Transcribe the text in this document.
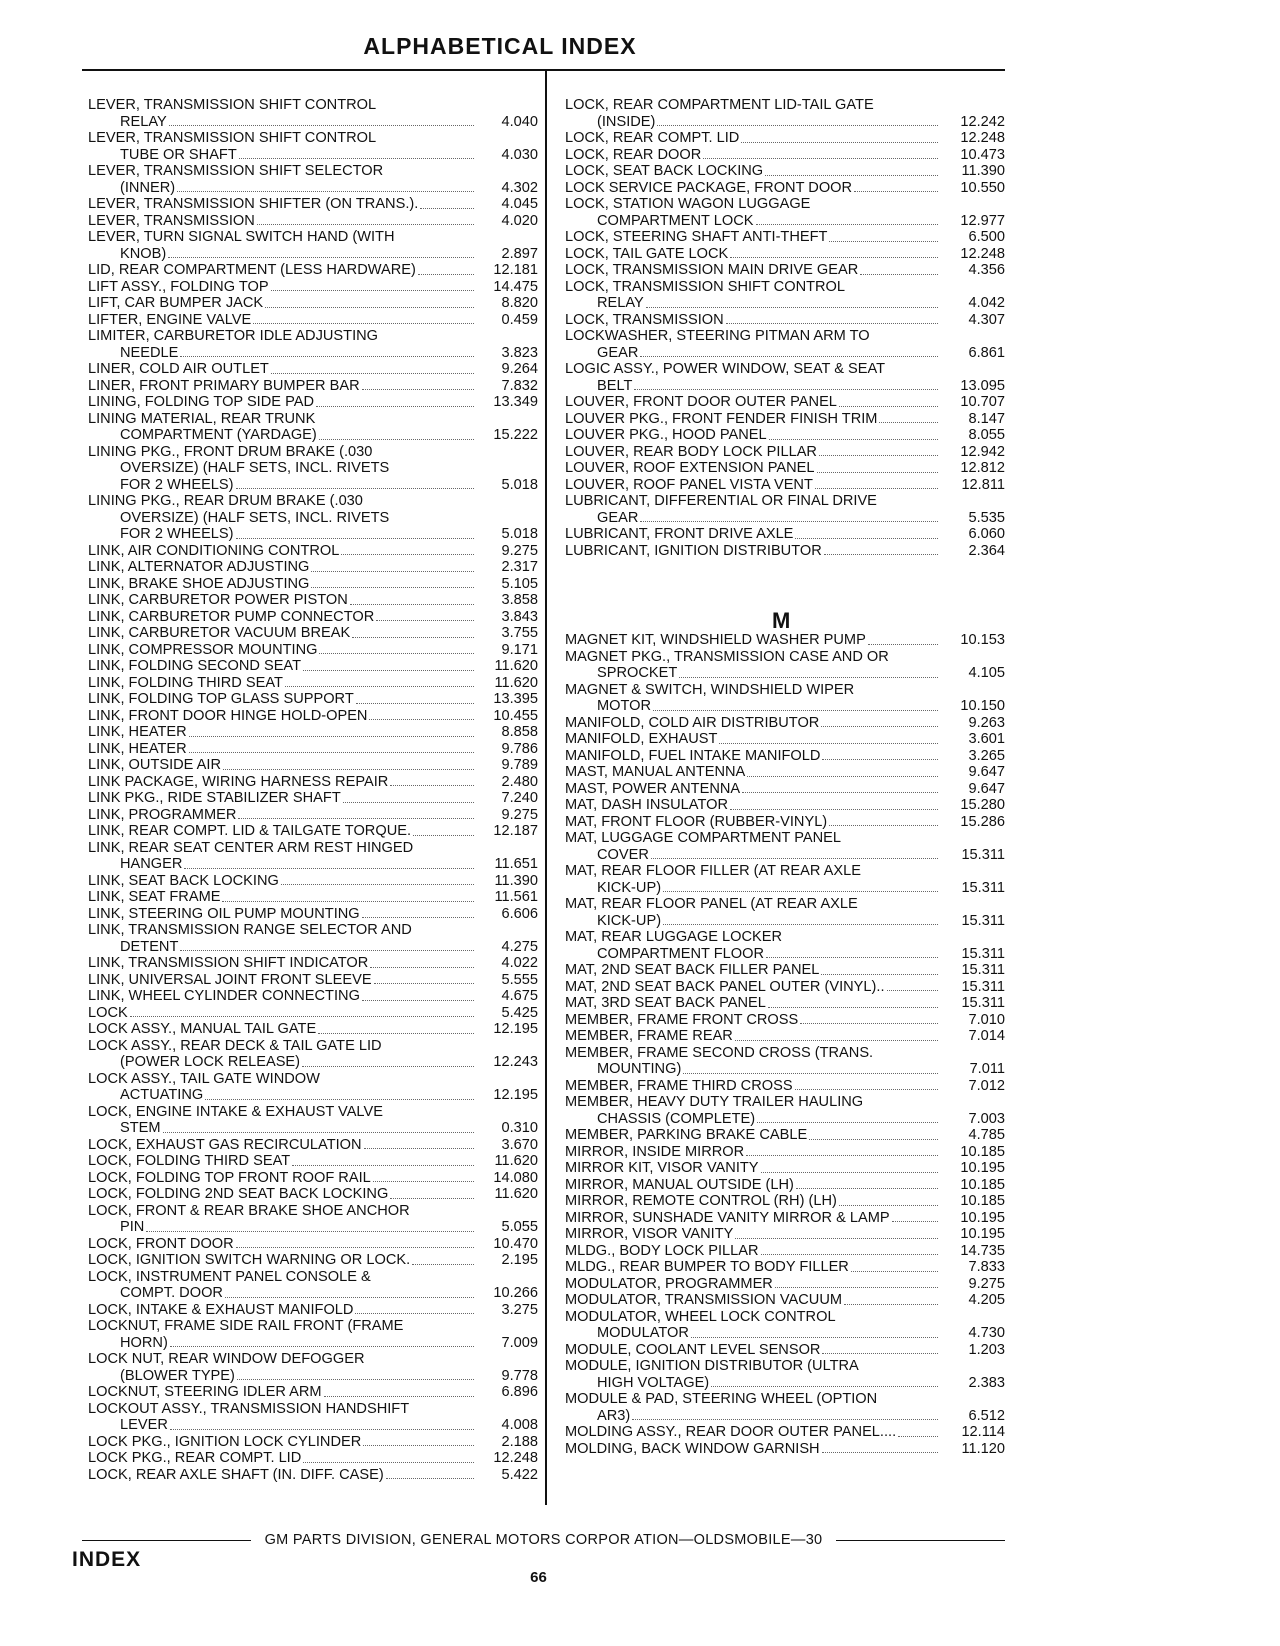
ALPHABETICAL INDEX
LEVER, TRANSMISSION SHIFT CONTROL
RELAY	4.040
LEVER, TRANSMISSION SHIFT CONTROL
TUBE OR SHAFT	4.030
LEVER, TRANSMISSION SHIFT SELECTOR
(INNER)	4.302
LEVER, TRANSMISSION SHIFTER (ON TRANS.).	4.045
LEVER, TRANSMISSION	4.020
LEVER, TURN SIGNAL SWITCH HAND (WITH
KNOB)	2.897
LID, REAR COMPARTMENT (LESS HARDWARE)	12.181
LIFT ASSY., FOLDING TOP	14.475
LIFT, CAR BUMPER JACK	8.820
LIFTER, ENGINE VALVE	0.459
LIMITER, CARBURETOR IDLE ADJUSTING
NEEDLE	3.823
LINER, COLD AIR OUTLET	9.264
LINER, FRONT PRIMARY BUMPER BAR	7.832
LINING, FOLDING TOP SIDE PAD	13.349
LINING MATERIAL, REAR TRUNK
COMPARTMENT (YARDAGE)	15.222
LINING PKG., FRONT DRUM BRAKE (.030
OVERSIZE) (HALF SETS, INCL. RIVETS
FOR 2 WHEELS)	5.018
LINING PKG., REAR DRUM BRAKE (.030
OVERSIZE) (HALF SETS, INCL. RIVETS
FOR 2 WHEELS)	5.018
LINK, AIR CONDITIONING CONTROL	9.275
LINK, ALTERNATOR ADJUSTING	2.317
LINK, BRAKE SHOE ADJUSTING	5.105
LINK, CARBURETOR POWER PISTON	3.858
LINK, CARBURETOR PUMP CONNECTOR	3.843
LINK, CARBURETOR VACUUM BREAK	3.755
LINK, COMPRESSOR MOUNTING	9.171
LINK, FOLDING SECOND SEAT	11.620
LINK, FOLDING THIRD SEAT	11.620
LINK, FOLDING TOP GLASS SUPPORT	13.395
LINK, FRONT DOOR HINGE HOLD-OPEN	10.455
LINK, HEATER	8.858
LINK, HEATER	9.786
LINK, OUTSIDE AIR	9.789
LINK PACKAGE, WIRING HARNESS REPAIR	2.480
LINK PKG., RIDE STABILIZER SHAFT	7.240
LINK, PROGRAMMER	9.275
LINK, REAR COMPT. LID & TAILGATE TORQUE.	12.187
LINK, REAR SEAT CENTER ARM REST HINGED
HANGER	11.651
LINK, SEAT BACK LOCKING	11.390
LINK, SEAT FRAME	11.561
LINK, STEERING OIL PUMP MOUNTING	6.606
LINK, TRANSMISSION RANGE SELECTOR AND
DETENT	4.275
LINK, TRANSMISSION SHIFT INDICATOR	4.022
LINK, UNIVERSAL JOINT FRONT SLEEVE	5.555
LINK, WHEEL CYLINDER CONNECTING	4.675
LOCK	5.425
LOCK ASSY., MANUAL TAIL GATE	12.195
LOCK ASSY., REAR DECK & TAIL GATE LID
(POWER LOCK RELEASE)	12.243
LOCK ASSY., TAIL GATE WINDOW
ACTUATING	12.195
LOCK, ENGINE INTAKE & EXHAUST VALVE
STEM	0.310
LOCK, EXHAUST GAS RECIRCULATION	3.670
LOCK, FOLDING THIRD SEAT	11.620
LOCK, FOLDING TOP FRONT ROOF RAIL	14.080
LOCK, FOLDING 2ND SEAT BACK LOCKING	11.620
LOCK, FRONT & REAR BRAKE SHOE ANCHOR
PIN	5.055
LOCK, FRONT DOOR	10.470
LOCK, IGNITION SWITCH WARNING OR LOCK.	2.195
LOCK, INSTRUMENT PANEL CONSOLE &
COMPT. DOOR	10.266
LOCK, INTAKE & EXHAUST MANIFOLD	3.275
LOCKNUT, FRAME SIDE RAIL FRONT (FRAME
HORN)	7.009
LOCK NUT, REAR WINDOW DEFOGGER
(BLOWER TYPE)	9.778
LOCKNUT, STEERING IDLER ARM	6.896
LOCKOUT ASSY., TRANSMISSION HANDSHIFT
LEVER	4.008
LOCK PKG., IGNITION LOCK CYLINDER	2.188
LOCK PKG., REAR COMPT. LID	12.248
LOCK, REAR AXLE SHAFT (IN. DIFF. CASE)	5.422
LOCK, REAR COMPARTMENT LID-TAIL GATE
(INSIDE)	12.242
LOCK, REAR COMPT. LID	12.248
LOCK, REAR DOOR	10.473
LOCK, SEAT BACK LOCKING	11.390
LOCK SERVICE PACKAGE, FRONT DOOR	10.550
LOCK, STATION WAGON LUGGAGE
COMPARTMENT LOCK	12.977
LOCK, STEERING SHAFT ANTI-THEFT	6.500
LOCK, TAIL GATE LOCK	12.248
LOCK, TRANSMISSION MAIN DRIVE GEAR	4.356
LOCK, TRANSMISSION SHIFT CONTROL
RELAY	4.042
LOCK, TRANSMISSION	4.307
LOCKWASHER, STEERING PITMAN ARM TO
GEAR	6.861
LOGIC ASSY., POWER WINDOW, SEAT & SEAT
BELT	13.095
LOUVER, FRONT DOOR OUTER PANEL	10.707
LOUVER PKG., FRONT FENDER FINISH TRIM	8.147
LOUVER PKG., HOOD PANEL	8.055
LOUVER, REAR BODY LOCK PILLAR	12.942
LOUVER, ROOF EXTENSION PANEL	12.812
LOUVER, ROOF PANEL VISTA VENT	12.811
LUBRICANT, DIFFERENTIAL OR FINAL DRIVE
GEAR	5.535
LUBRICANT, FRONT DRIVE AXLE	6.060
LUBRICANT, IGNITION DISTRIBUTOR	2.364
M
MAGNET KIT, WINDSHIELD WASHER PUMP	10.153
MAGNET PKG., TRANSMISSION CASE AND OR
SPROCKET	4.105
MAGNET & SWITCH, WINDSHIELD WIPER
MOTOR	10.150
MANIFOLD, COLD AIR DISTRIBUTOR	9.263
MANIFOLD, EXHAUST	3.601
MANIFOLD, FUEL INTAKE MANIFOLD	3.265
MAST, MANUAL ANTENNA	9.647
MAST, POWER ANTENNA	9.647
MAT, DASH INSULATOR	15.280
MAT, FRONT FLOOR (RUBBER-VINYL)	15.286
MAT, LUGGAGE COMPARTMENT PANEL
COVER	15.311
MAT, REAR FLOOR FILLER (AT REAR AXLE
KICK-UP)	15.311
MAT, REAR FLOOR PANEL (AT REAR AXLE
KICK-UP)	15.311
MAT, REAR LUGGAGE LOCKER
COMPARTMENT FLOOR	15.311
MAT, 2ND SEAT BACK FILLER PANEL	15.311
MAT, 2ND SEAT BACK PANEL OUTER (VINYL)..	15.311
MAT, 3RD SEAT BACK PANEL	15.311
MEMBER, FRAME FRONT CROSS	7.010
MEMBER, FRAME REAR	7.014
MEMBER, FRAME SECOND CROSS (TRANS.
MOUNTING)	7.011
MEMBER, FRAME THIRD CROSS	7.012
MEMBER, HEAVY DUTY TRAILER HAULING
CHASSIS (COMPLETE)	7.003
MEMBER, PARKING BRAKE CABLE	4.785
MIRROR, INSIDE MIRROR	10.185
MIRROR KIT, VISOR VANITY	10.195
MIRROR, MANUAL OUTSIDE (LH)	10.185
MIRROR, REMOTE CONTROL (RH) (LH)	10.185
MIRROR, SUNSHADE VANITY MIRROR & LAMP	10.195
MIRROR, VISOR VANITY	10.195
MLDG., BODY LOCK PILLAR	14.735
MLDG., REAR BUMPER TO BODY FILLER	7.833
MODULATOR, PROGRAMMER	9.275
MODULATOR, TRANSMISSION VACUUM	4.205
MODULATOR, WHEEL LOCK CONTROL
MODULATOR	4.730
MODULE, COOLANT LEVEL SENSOR	1.203
MODULE, IGNITION DISTRIBUTOR (ULTRA
HIGH VOLTAGE)	2.383
MODULE & PAD, STEERING WHEEL (OPTION
AR3)	6.512
MOLDING ASSY., REAR DOOR OUTER PANEL....	12.114
MOLDING, BACK WINDOW GARNISH	11.120
GM PARTS DIVISION, GENERAL MOTORS CORPOR ATION—OLDSMOBILE—30
INDEX
66
